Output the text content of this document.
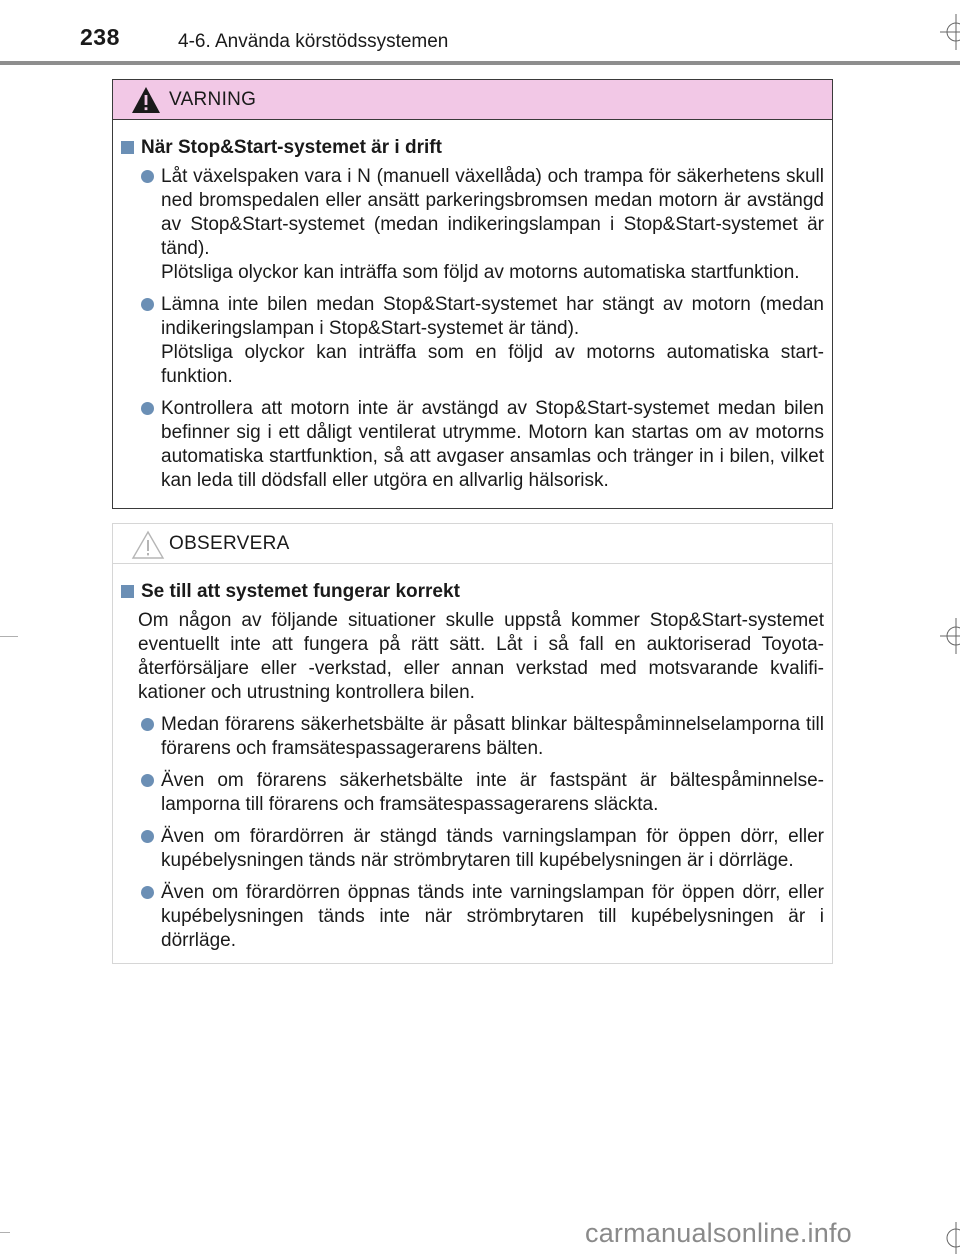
238	4-6. Använda körstödssystemen
VARNING
När Stop&Start-systemet är i drift
Låt växelspaken vara i N (manuell växellåda) och trampa för säkerhetens skull ned bromspedalen eller ansätt parkeringsbromsen medan motorn är avstängd av Stop&Start-systemet (medan indikeringslampan i Stop&Start-systemet är tänd).
Plötsliga olyckor kan inträffa som följd av motorns automatiska startfunktion.
Lämna inte bilen medan Stop&Start-systemet har stängt av motorn (medan indikeringslampan i Stop&Start-systemet är tänd).
Plötsliga olyckor kan inträffa som en följd av motorns automatiska start-funktion.
Kontrollera att motorn inte är avstängd av Stop&Start-systemet medan bilen befinner sig i ett dåligt ventilerat utrymme. Motorn kan startas om av motorns automatiska startfunktion, så att avgaser ansamlas och tränger in i bilen, vilket kan leda till dödsfall eller utgöra en allvarlig hälsorisk.
OBSERVERA
Se till att systemet fungerar korrekt
Om någon av följande situationer skulle uppstå kommer Stop&Start-systemet eventuellt inte att fungera på rätt sätt. Låt i så fall en auktoriserad Toyota-återförsäljare eller -verkstad, eller annan verkstad med motsvarande kvalifi-kationer och utrustning kontrollera bilen.
Medan förarens säkerhetsbälte är påsatt blinkar bältespåminnelselamporna till förarens och framsätespassagerarens bälten.
Även om förarens säkerhetsbälte inte är fastspänt är bältespåminnelse-lamporna till förarens och framsätespassagerarens släckta.
Även om förardörren är stängd tänds varningslampan för öppen dörr, eller kupébelysningen tänds när strömbrytaren till kupébelysningen är i dörrläge.
Även om förardörren öppnas tänds inte varningslampan för öppen dörr, eller kupébelysningen tänds inte när strömbrytaren till kupébelysningen är i dörrläge.
carmanualsonline.info
